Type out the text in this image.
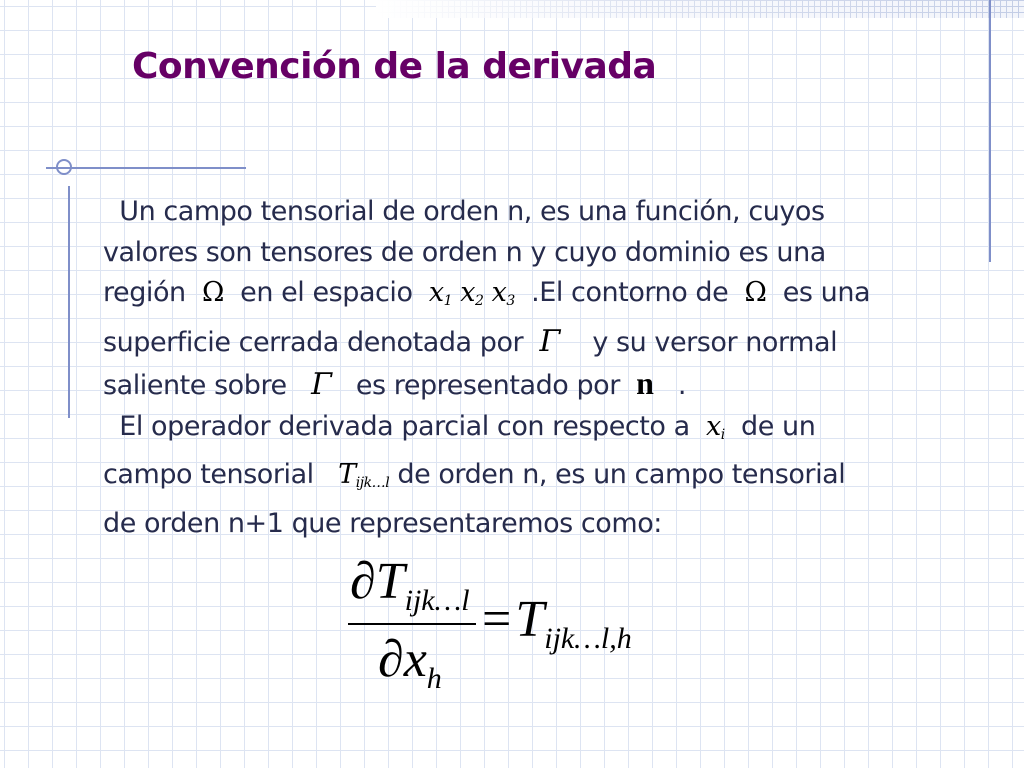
Convención de la derivada
Un campo tensorial de orden n, es una función, cuyos
valores son tensores de orden n y cuyo dominio es una
región Ω en el espacio $x_1$ $x_2$ $x_3$ .El contorno de Ω es una
superficie cerrada denotada por Γ y su versor normal
saliente sobre Γ es representado por n .
El operador derivada parcial con respecto a $x_i$ de un
campo tensorial $T_{ijk\dots l}$ de orden n, es un campo tensorial
de orden n+1 que representaremos como:
$\partial T_{ijk\dots l}$
$\partial x_h$
$=T_{ijk\dots l,h}$
